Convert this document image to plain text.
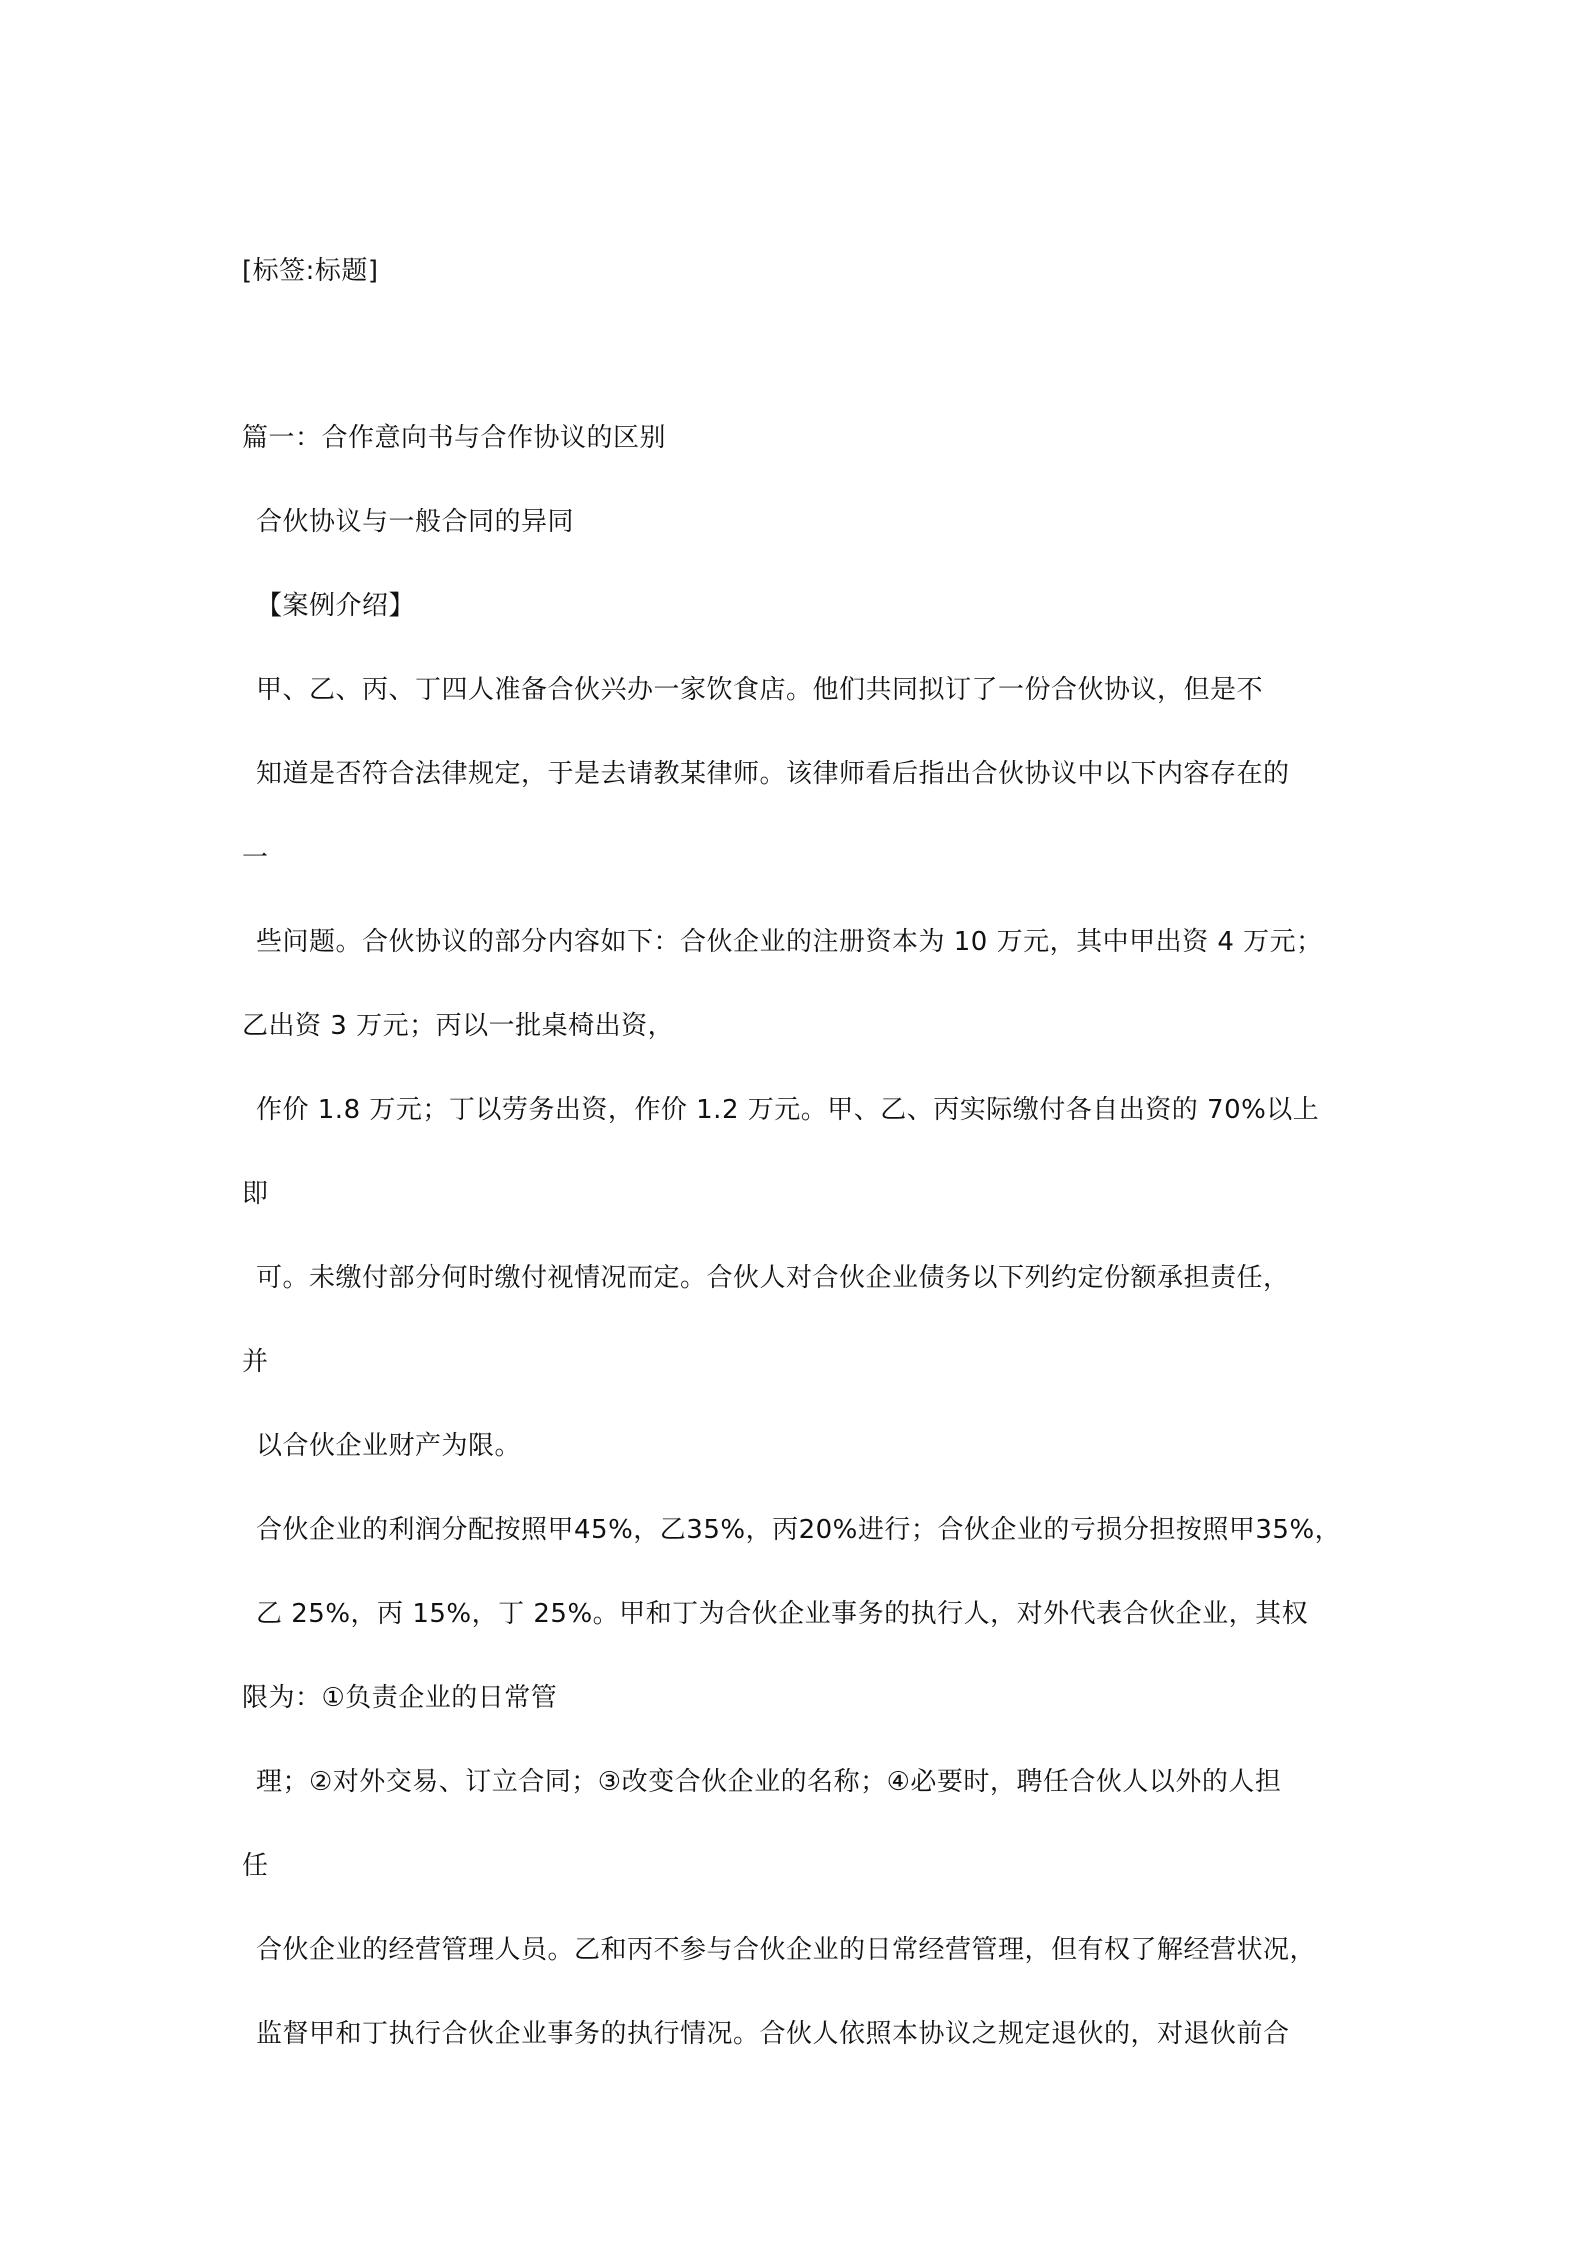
[标签:标题]
篇一：合作意向书与合作协议的区别
合伙协议与一般合同的异同
【案例介绍】
甲、乙、丙、丁四人准备合伙兴办一家饮食店。他们共同拟订了一份合伙协议，但是不
知道是否符合法律规定，于是去请教某律师。该律师看后指出合伙协议中以下内容存在的
一
些问题。合伙协议的部分内容如下：合伙企业的注册资本为 10 万元，其中甲出资 4 万元；
乙出资 3 万元；丙以一批桌椅出资，
作价 1.8 万元；丁以劳务出资，作价 1.2 万元。甲、乙、丙实际缴付各自出资的 70%以上
即
可。未缴付部分何时缴付视情况而定。合伙人对合伙企业债务以下列约定份额承担责任，
并
以合伙企业财产为限。
合伙企业的利润分配按照甲45%，乙35%，丙20%进行；合伙企业的亏损分担按照甲35%，
乙 25%，丙 15%，丁 25%。甲和丁为合伙企业事务的执行人，对外代表合伙企业，其权
限为：①负责企业的日常管
理；②对外交易、订立合同；③改变合伙企业的名称；④必要时，聘任合伙人以外的人担
任
合伙企业的经营管理人员。乙和丙不参与合伙企业的日常经营管理，但有权了解经营状况，
监督甲和丁执行合伙企业事务的执行情况。合伙人依照本协议之规定退伙的，对退伙前合
